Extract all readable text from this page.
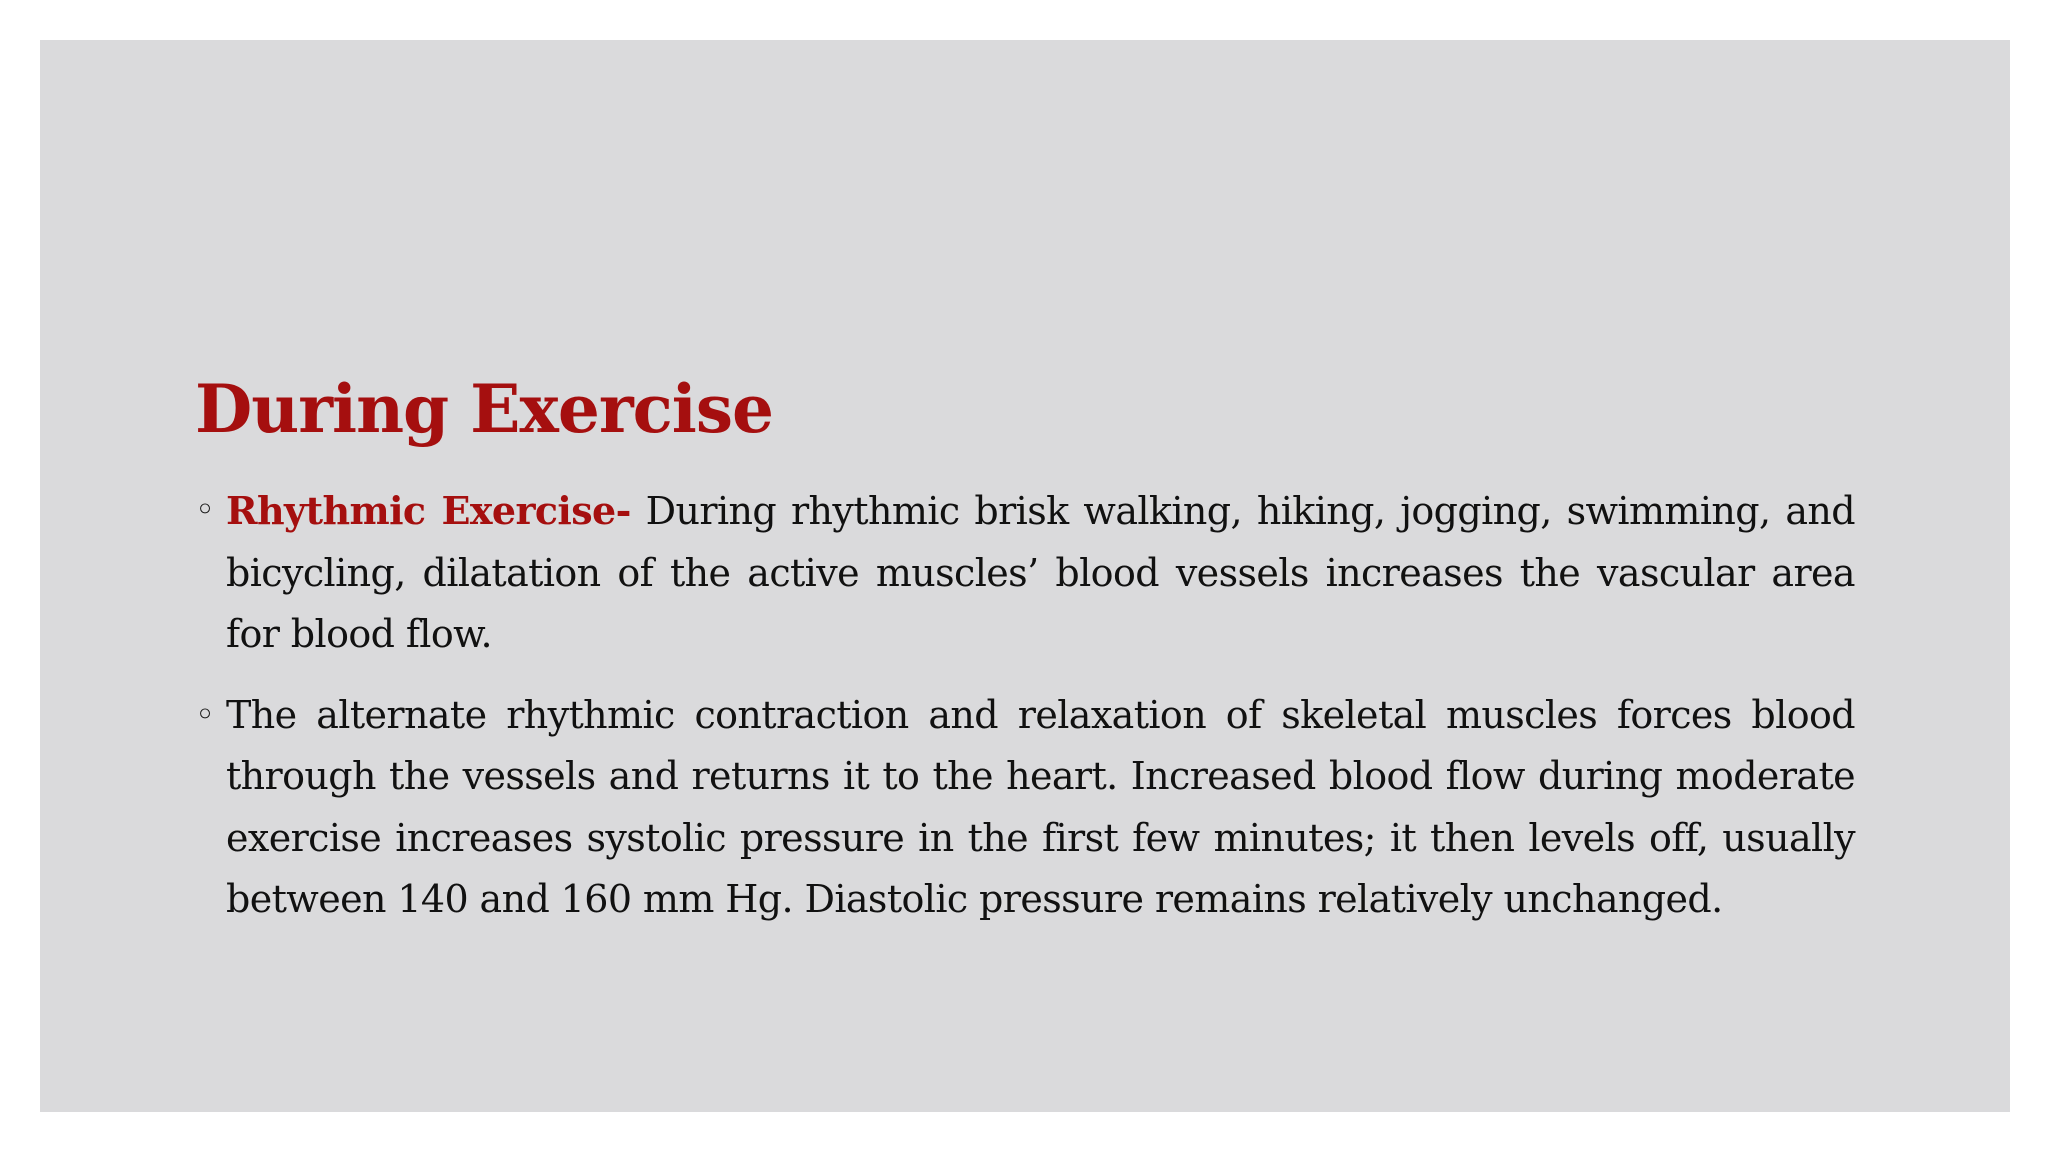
During Exercise
◦ Rhythmic Exercise- During rhythmic brisk walking, hiking, jogging, swimming, and bicycling, dilatation of the active muscles’ blood vessels increases the vascular area for blood flow.
◦ The alternate rhythmic contraction and relaxation of skeletal muscles forces blood through the vessels and returns it to the heart. Increased blood flow during moderate exercise increases systolic pressure in the first few minutes; it then levels off, usually between 140 and 160 mm Hg. Diastolic pressure remains relatively unchanged.
